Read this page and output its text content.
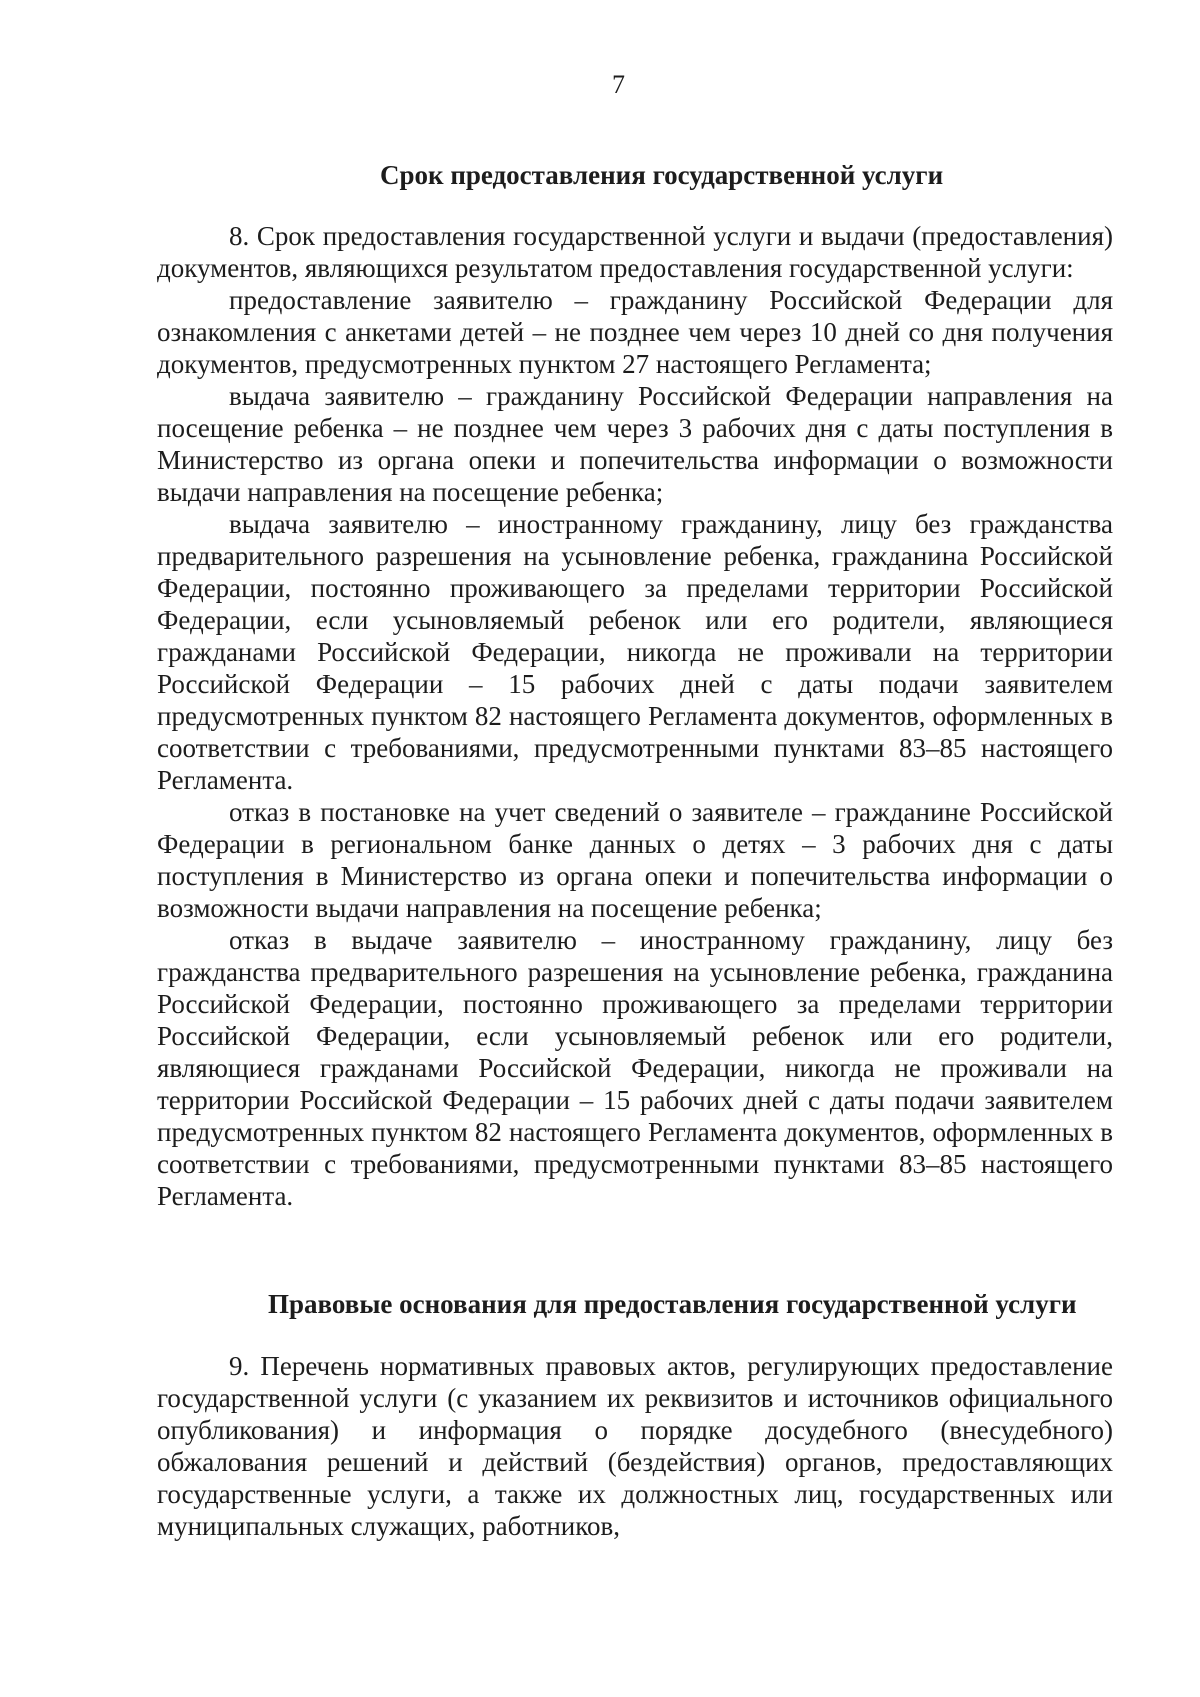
7
Срок предоставления государственной услуги

8. Срок предоставления государственной услуги и выдачи (предоставления) документов, являющихся результатом предоставления государственной услуги:

предоставление заявителю – гражданину Российской Федерации для ознакомления с анкетами детей – не позднее чем через 10 дней со дня получения документов, предусмотренных пунктом 27 настоящего Регламента;

выдача заявителю – гражданину Российской Федерации направления на посещение ребенка – не позднее чем через 3 рабочих дня с даты поступления в Министерство из органа опеки и попечительства информации о возможности выдачи направления на посещение ребенка;

выдача заявителю – иностранному гражданину, лицу без гражданства предварительного разрешения на усыновление ребенка, гражданина Российской Федерации, постоянно проживающего за пределами территории Российской Федерации, если усыновляемый ребенок или его родители, являющиеся гражданами Российской Федерации, никогда не проживали на территории Российской Федерации – 15 рабочих дней с даты подачи заявителем предусмотренных пунктом 82 настоящего Регламента документов, оформленных в соответствии с требованиями, предусмотренными пунктами 83–85 настоящего Регламента.

отказ в постановке на учет сведений о заявителе – гражданине Российской Федерации в региональном банке данных о детях – 3 рабочих дня с даты поступления в Министерство из органа опеки и попечительства информации о возможности выдачи направления на посещение ребенка;

отказ в выдаче заявителю – иностранному гражданину, лицу без гражданства предварительного разрешения на усыновление ребенка, гражданина Российской Федерации, постоянно проживающего за пределами территории Российской Федерации, если усыновляемый ребенок или его родители, являющиеся гражданами Российской Федерации, никогда не проживали на территории Российской Федерации – 15 рабочих дней с даты подачи заявителем предусмотренных пунктом 82 настоящего Регламента документов, оформленных в соответствии с требованиями, предусмотренными пунктами 83–85 настоящего Регламента.

Правовые основания для предоставления государственной услуги

9. Перечень нормативных правовых актов, регулирующих предоставление государственной услуги (с указанием их реквизитов и источников официального опубликования) и информация о порядке досудебного (внесудебного) обжалования решений и действий (бездействия) органов, предоставляющих государственные услуги, а также их должностных лиц, государственных или муниципальных служащих, работников,
